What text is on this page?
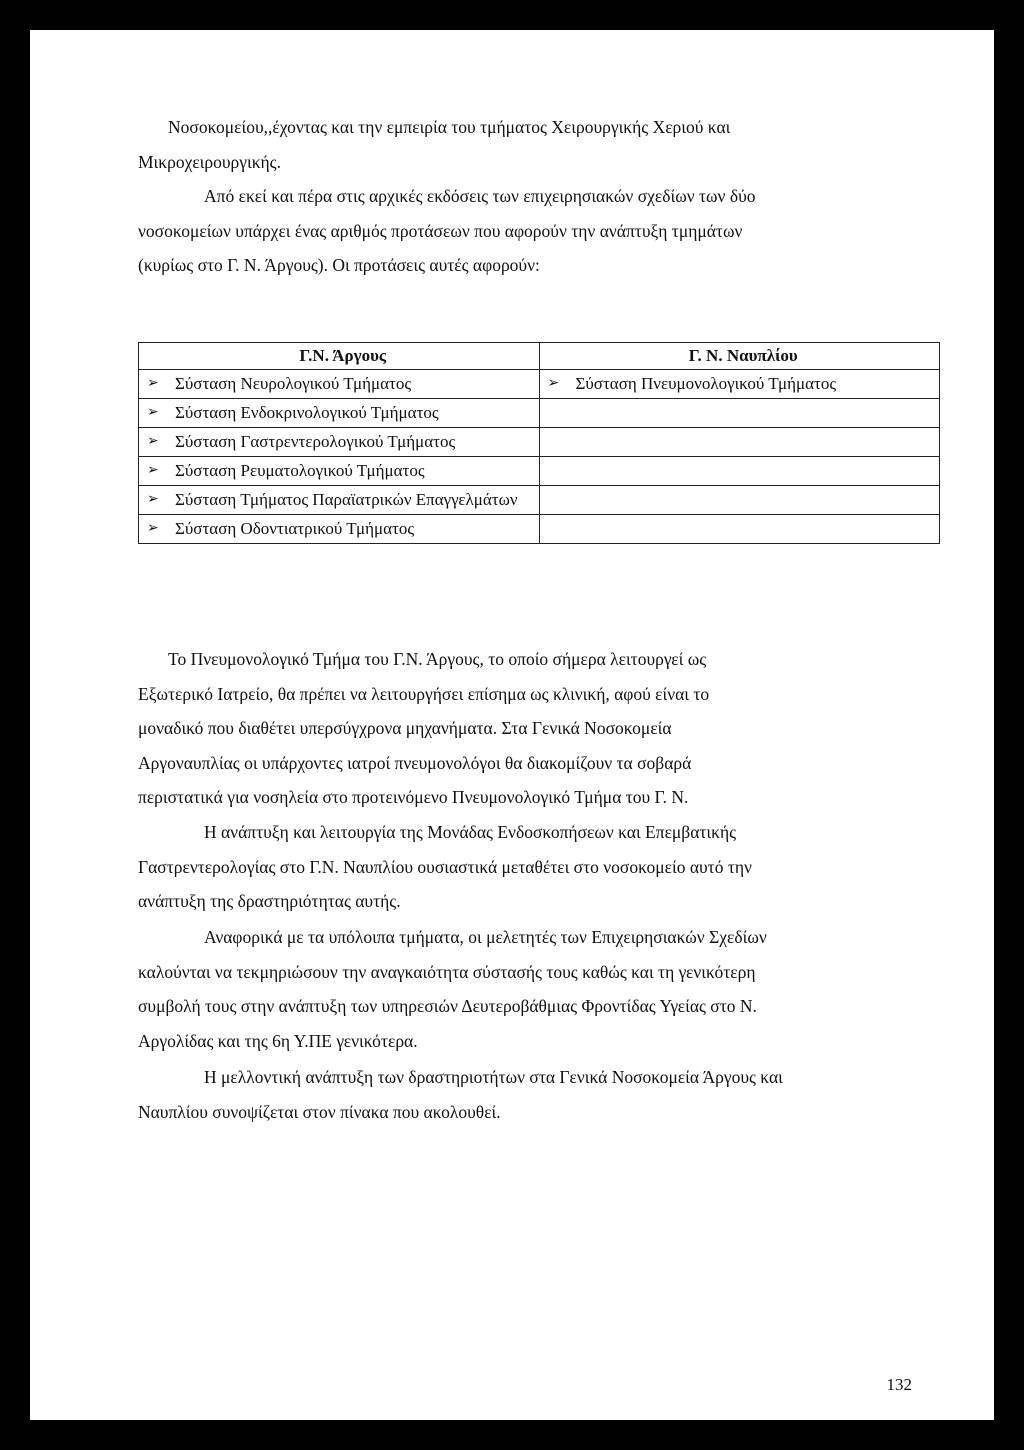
Νοσοκομείου,,έχοντας και την εμπειρία του τμήματος Χειρουργικής Χεριού και
Μικροχειρουργικής.
Από εκεί και πέρα στις αρχικές εκδόσεις των επιχειρησιακών σχεδίων των δύο
νοσοκομείων υπάρχει ένας αριθμός προτάσεων που αφορούν την ανάπτυξη τμημάτων
(κυρίως στο Γ. Ν. Άργους). Οι προτάσεις αυτές αφορούν:
Γ.Ν. Άργους	Γ. Ν. Ναυπλίου

➢ Σύσταση Νευρολογικού Τμήματος	➢ Σύσταση Πνευμονολογικού Τμήματος

➢ Σύσταση Ενδοκρινολογικού Τμήματος	

➢ Σύσταση Γαστρεντερολογικού Τμήματος	

➢ Σύσταση Ρευματολογικού Τμήματος	

➢ Σύσταση Τμήματος Παραϊατρικών Επαγγελμάτων	

➢ Σύσταση Οδοντιατρικού Τμήματος	

Το Πνευμονολογικό Τμήμα του Γ.Ν. Άργους, το οποίο σήμερα λειτουργεί ως
Εξωτερικό Ιατρείο, θα πρέπει να λειτουργήσει επίσημα ως κλινική, αφού είναι το
μοναδικό που διαθέτει υπερσύγχρονα μηχανήματα. Στα Γενικά Νοσοκομεία
Αργοναυπλίας οι υπάρχοντες ιατροί πνευμονολόγοι θα διακομίζουν τα σοβαρά
περιστατικά για νοσηλεία στο προτεινόμενο Πνευμονολογικό Τμήμα του Γ. Ν.
Η ανάπτυξη και λειτουργία της Μονάδας Ενδοσκοπήσεων και Επεμβατικής
Γαστρεντερολογίας στο Γ.Ν. Ναυπλίου ουσιαστικά μεταθέτει στο νοσοκομείο αυτό την
ανάπτυξη της δραστηριότητας αυτής.
Αναφορικά με τα υπόλοιπα τμήματα, οι μελετητές των Επιχειρησιακών Σχεδίων
καλούνται να τεκμηριώσουν την αναγκαιότητα σύστασής τους καθώς και τη γενικότερη
συμβολή τους στην ανάπτυξη των υπηρεσιών Δευτεροβάθμιας Φροντίδας Υγείας στο Ν.
Αργολίδας και της 6η Υ.ΠΕ γενικότερα.
Η μελλοντική ανάπτυξη των δραστηριοτήτων στα Γενικά Νοσοκομεία Άργους και
Ναυπλίου συνοψίζεται στον πίνακα που ακολουθεί.
132
